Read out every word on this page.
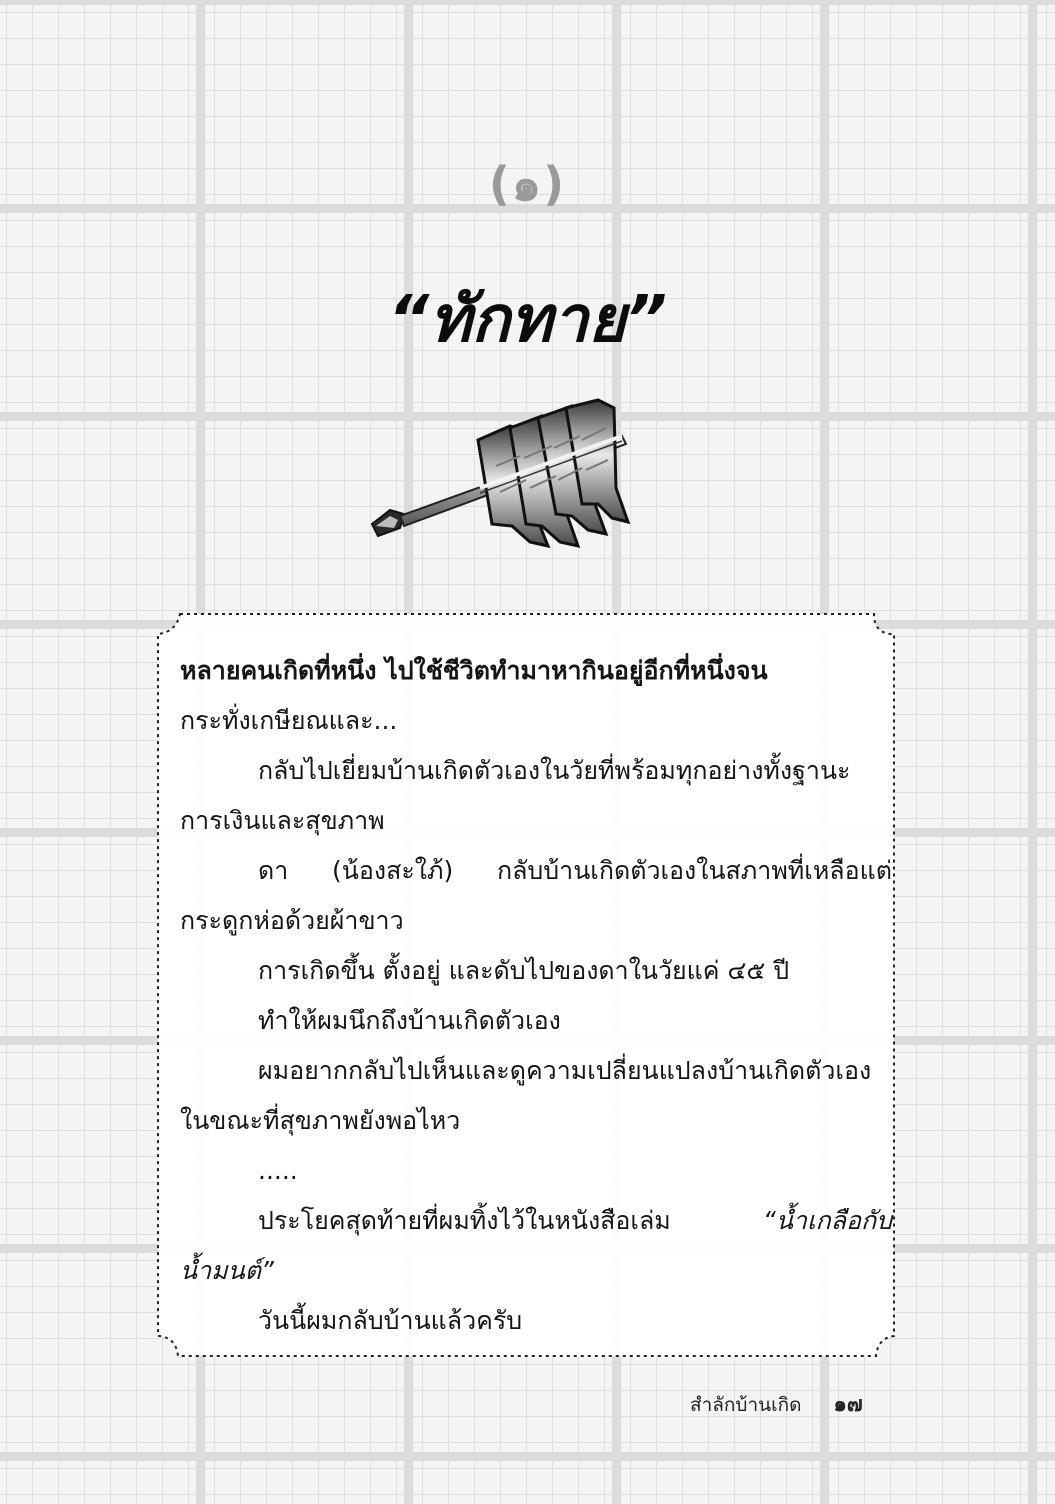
(๑)
“ทักทาย”

หลายคนเกิดที่หนึ่ง ไปใช้ชีวิตทำมาหากินอยู่อีกที่หนึ่งจน
กระทั่งเกษียณและ...

กลับไปเยี่ยมบ้านเกิดตัวเองในวัยที่พร้อมทุกอย่างทั้งฐานะการเงินและสุขภาพ

ดา (น้องสะใภ้) กลับบ้านเกิดตัวเองในสภาพที่เหลือแต่กระดูกห่อด้วยผ้าขาว

การเกิดขึ้น ตั้งอยู่ และดับไปของดาในวัยแค่ ๔๕ ปี

ทำให้ผมนึกถึงบ้านเกิดตัวเอง

ผมอยากกลับไปเห็นและดูความเปลี่ยนแปลงบ้านเกิดตัวเองในขณะที่สุขภาพยังพอไหว

.....

ประโยคสุดท้ายที่ผมทิ้งไว้ในหนังสือเล่ม	“น้ำเกลือกับน้ำมนต์”

วันนี้ผมกลับบ้านแล้วครับ

สำลักบ้านเกิด ๑๗
